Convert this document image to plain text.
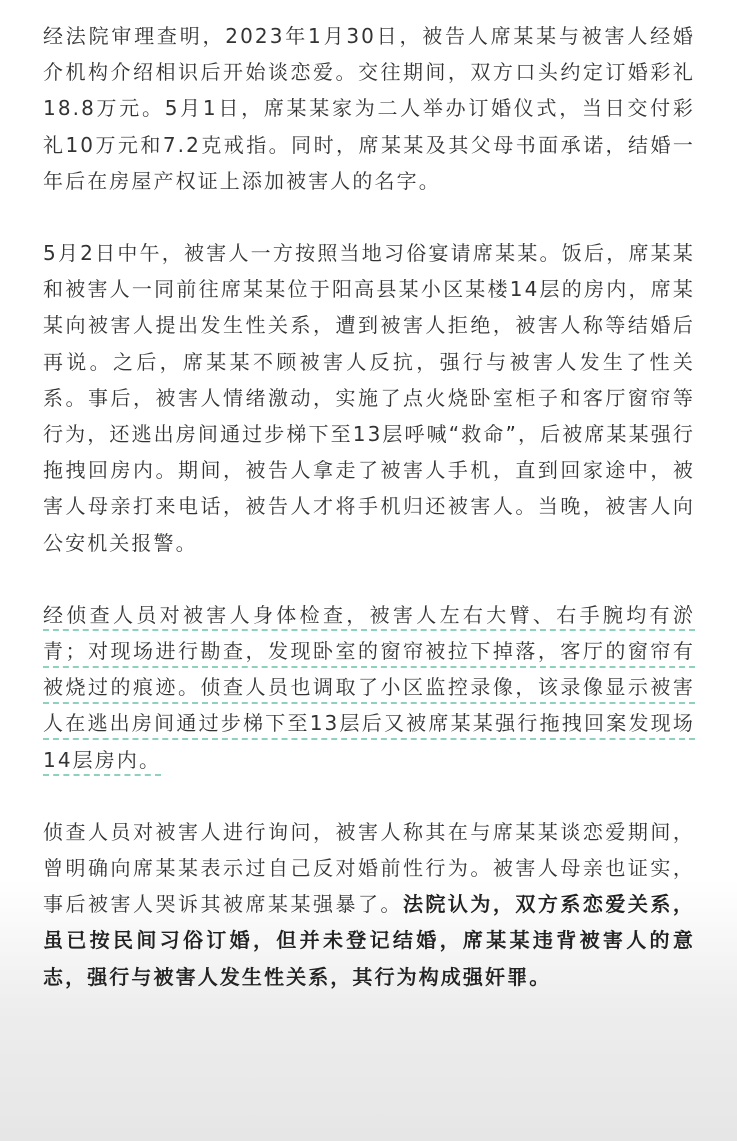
经法院审理查明，2023年1月30日，被告人席某某与被害人经婚介机构介绍相识后开始谈恋爱。交往期间，双方口头约定订婚彩礼18.8万元。5月1日，席某某家为二人举办订婚仪式，当日交付彩礼10万元和7.2克戒指。同时，席某某及其父母书面承诺，结婚一年后在房屋产权证上添加被害人的名字。

5月2日中午，被害人一方按照当地习俗宴请席某某。饭后，席某某和被害人一同前往席某某位于阳高县某小区某楼14层的房内，席某某向被害人提出发生性关系，遭到被害人拒绝，被害人称等结婚后再说。之后，席某某不顾被害人反抗，强行与被害人发生了性关系。事后，被害人情绪激动，实施了点火烧卧室柜子和客厅窗帘等行为，还逃出房间通过步梯下至13层呼喊“救命”，后被席某某强行拖拽回房内。期间，被告人拿走了被害人手机，直到回家途中，被害人母亲打来电话，被告人才将手机归还被害人。当晚，被害人向公安机关报警。

经侦查人员对被害人身体检查，被害人左右大臂、右手腕均有淤青；对现场进行勘查，发现卧室的窗帘被拉下掉落，客厅的窗帘有被烧过的痕迹。侦查人员也调取了小区监控录像，该录像显示被害人在逃出房间通过步梯下至13层后又被席某某强行拖拽回案发现场14层房内。

侦查人员对被害人进行询问，被害人称其在与席某某谈恋爱期间，曾明确向席某某表示过自己反对婚前性行为。被害人母亲也证实，事后被害人哭诉其被席某某强暴了。法院认为，双方系恋爱关系，虽已按民间习俗订婚，但并未登记结婚，席某某违背被害人的意志，强行与被害人发生性关系，其行为构成强奸罪。
